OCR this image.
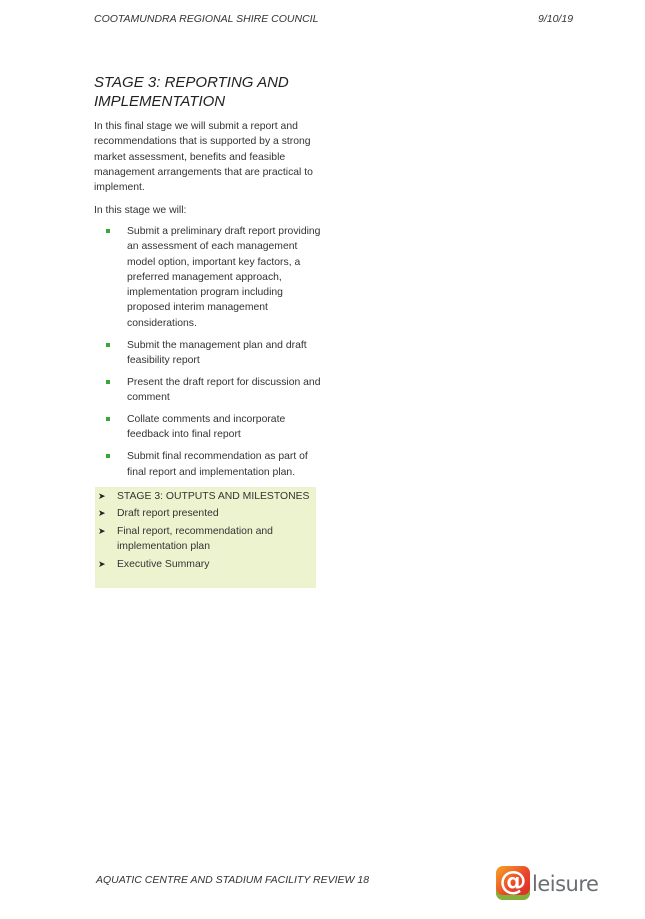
COOTAMUNDRA REGIONAL SHIRE COUNCIL	9/10/19
STAGE 3: REPORTING AND IMPLEMENTATION

In this final stage we will submit a report and recommendations that is supported by a strong market assessment, benefits and feasible management arrangements that are practical to implement.

In this stage we will:

Submit a preliminary draft report providing an assessment of each management model option, important key factors, a preferred management approach, implementation program including proposed interim management considerations.
Submit the management plan and draft feasibility report
Present the draft report for discussion and comment
Collate comments and incorporate feedback into final report
Submit final recommendation as part of final report and implementation plan.
➤ STAGE 3: OUTPUTS AND MILESTONES
➤ Draft report presented
➤ Final report, recommendation and implementation plan
➤ Executive Summary
AQUATIC CENTRE AND STADIUM FACILITY REVIEW 18	@ leisure
